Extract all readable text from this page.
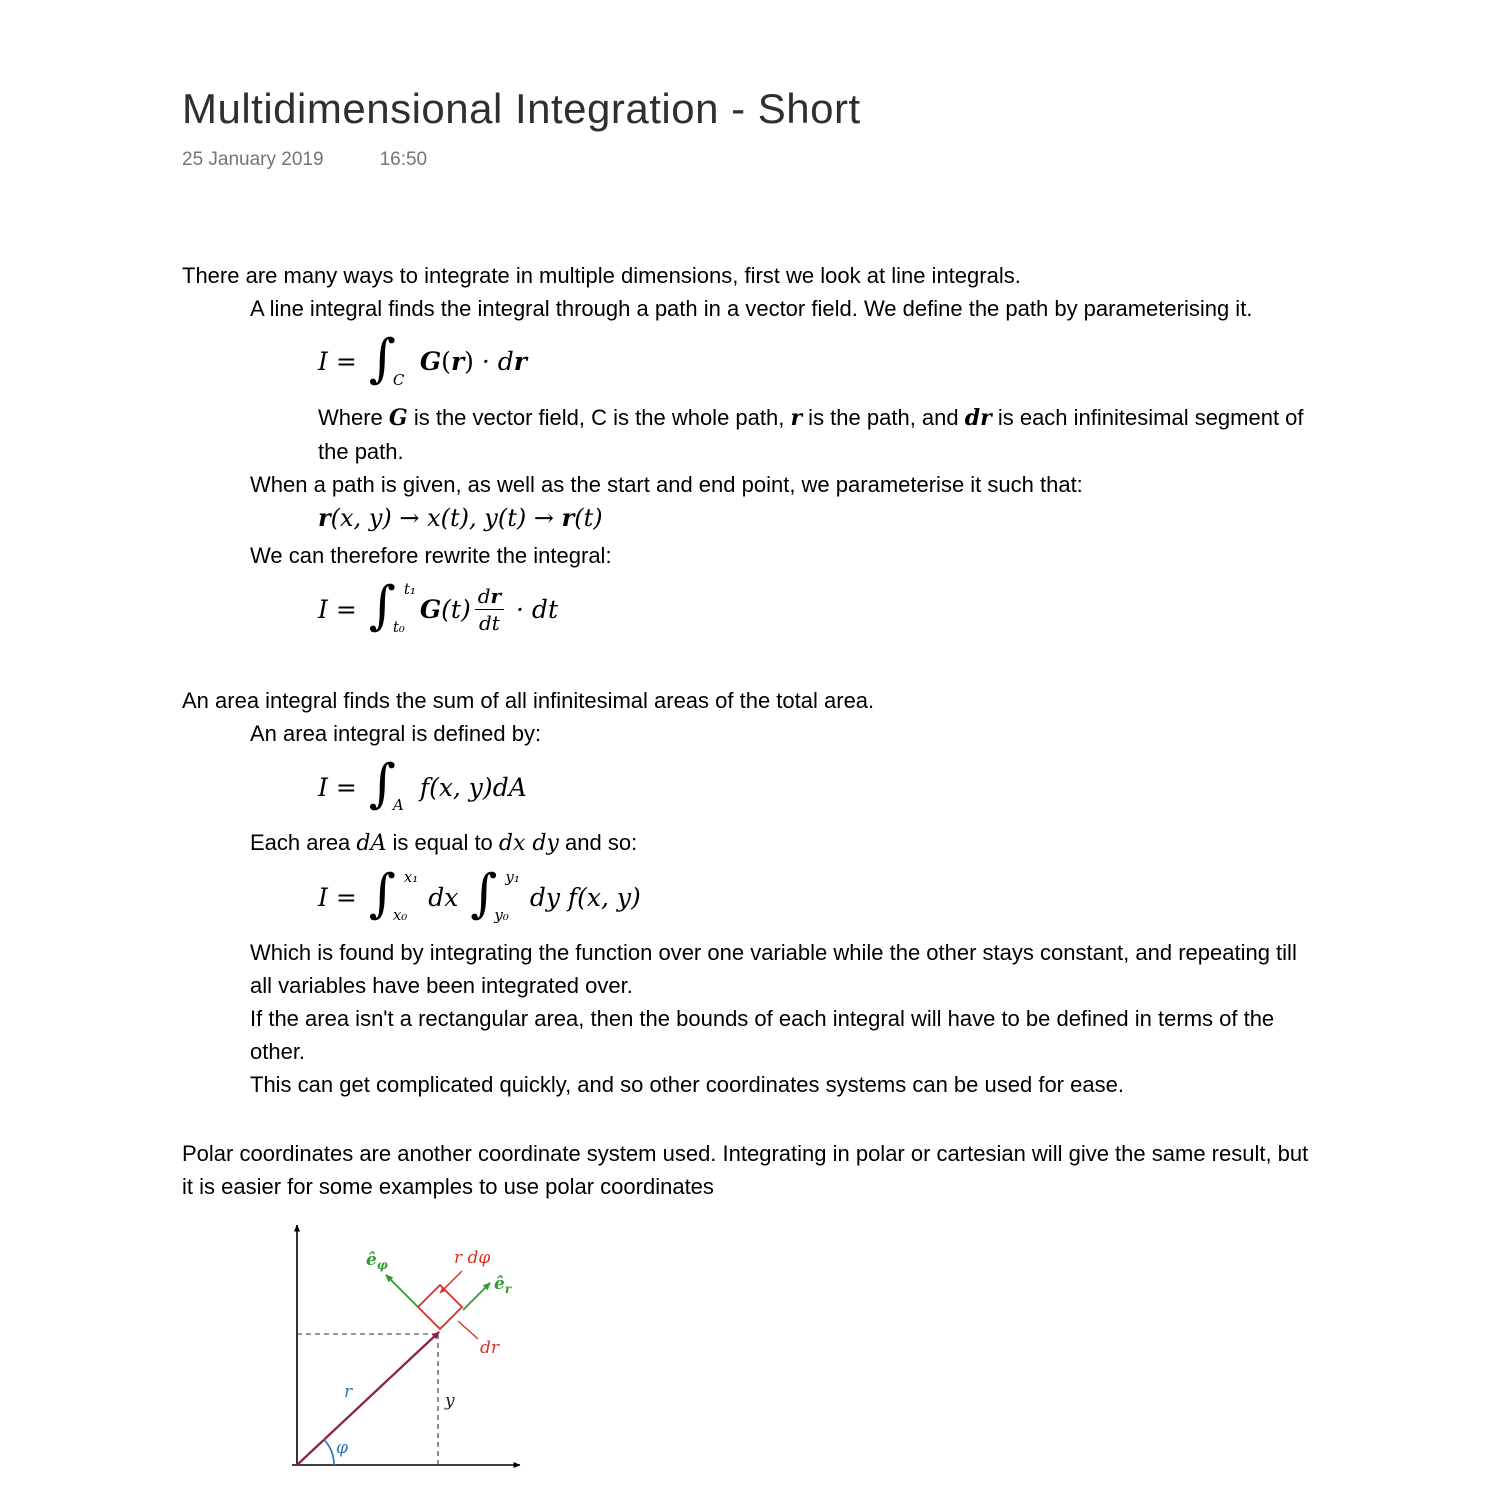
Multidimensional Integration - Short
25 January 2019	16:50

There are many ways to integrate in multiple dimensions, first we look at line integrals.

A line integral finds the integral through a path in a vector field. We define the path by parameterising it.

I = ∫
C
G ( r ) · d r

Where G is the vector field, C is the whole path, r is the path, and dr is each infinitesimal segment of the path.

When a path is given, as well as the start and end point, we parameterise it such that:

r (x, y) → x(t), y(t) → r (t)

We can therefore rewrite the integral:

I = ∫ t₁
t₀
G $(t) \frac{\text{d r}}{dt}$ · dt

An area integral finds the sum of all infinitesimal areas of the total area.

An area integral is defined by:

I = ∫
A
f(x, y)dA

Each area dA is equal to dx dy and so:

I = ∫ x₁
x₀
dx ∫ y₁
y₀
dy f(x, y)

Which is found by integrating the function over one variable while the other stays constant, and repeating till all variables have been integrated over.

If the area isn't a rectangular area, then the bounds of each integral will have to be defined in terms of the other.

This can get complicated quickly, and so other coordinates systems can be used for ease.

Polar coordinates are another coordinate system used. Integrating in polar or cartesian will give the same result, but it is easier for some examples to use polar coordinates

$ê_\varphi$	r dφ
$ê_r$
dr
r	y
φ
